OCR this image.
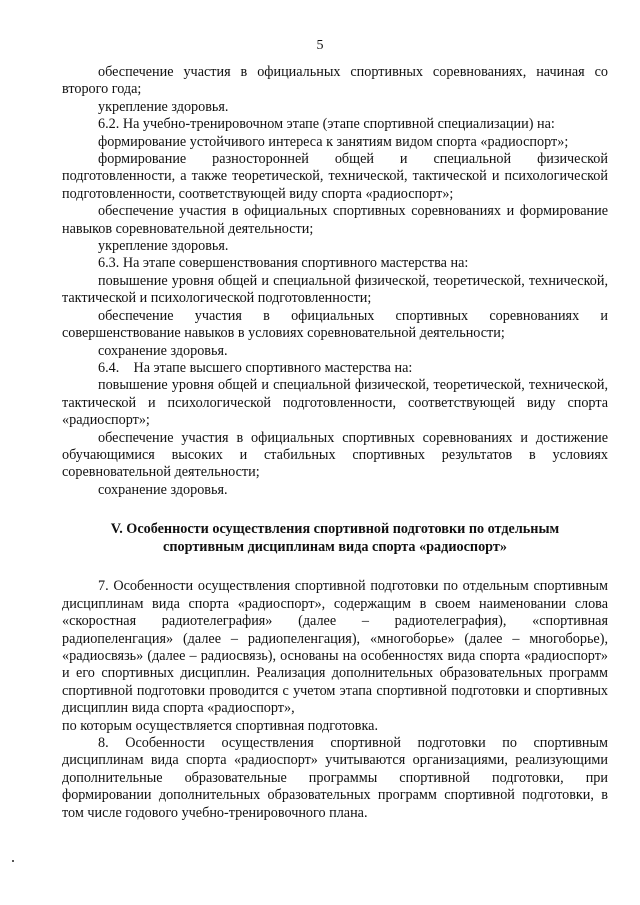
5

обеспечение участия в официальных спортивных соревнованиях, начиная со второго года;

укрепление здоровья.

6.2. На учебно-тренировочном этапе (этапе спортивной специализации) на:

формирование устойчивого интереса к занятиям видом спорта «радиоспорт»;

формирование разносторонней общей и специальной физической подготовленности, а также теоретической, технической, тактической и психологической подготовленности, соответствующей виду спорта «радиоспорт»;

обеспечение участия в официальных спортивных соревнованиях и формирование навыков соревновательной деятельности;

укрепление здоровья.

6.3. На этапе совершенствования спортивного мастерства на:

повышение уровня общей и специальной физической, теоретической, технической, тактической и психологической подготовленности;

обеспечение участия в официальных спортивных соревнованиях и совершенствование навыков в условиях соревновательной деятельности;

сохранение здоровья.

6.4.    На этапе высшего спортивного мастерства на:

повышение уровня общей и специальной физической, теоретической, технической, тактической и психологической подготовленности, соответствующей виду спорта «радиоспорт»;

обеспечение участия в официальных спортивных соревнованиях и достижение обучающимися высоких и стабильных спортивных результатов в условиях соревновательной деятельности;

сохранение здоровья.

V. Особенности осуществления спортивной подготовки по отдельным

спортивным дисциплинам вида спорта «радиоспорт»

7. Особенности осуществления спортивной подготовки по отдельным спортивным дисциплинам вида спорта «радиоспорт», содержащим в своем наименовании слова «скоростная радиотелеграфия» (далее – радиотелеграфия), «спортивная радиопеленгация» (далее – радиопеленгация), «многоборье» (далее – многоборье), «радиосвязь» (далее – радиосвязь), основаны на особенностях вида спорта «радиоспорт» и его спортивных дисциплин. Реализация дополнительных образовательных программ спортивной подготовки проводится с учетом этапа спортивной подготовки и спортивных дисциплин вида спорта «радиоспорт»,

по которым осуществляется спортивная подготовка.

8. Особенности осуществления спортивной подготовки по спортивным дисциплинам вида спорта «радиоспорт» учитываются организациями, реализующими дополнительные образовательные программы спортивной подготовки, при формировании дополнительных образовательных программ спортивной подготовки, в том числе годового учебно-тренировочного плана.
